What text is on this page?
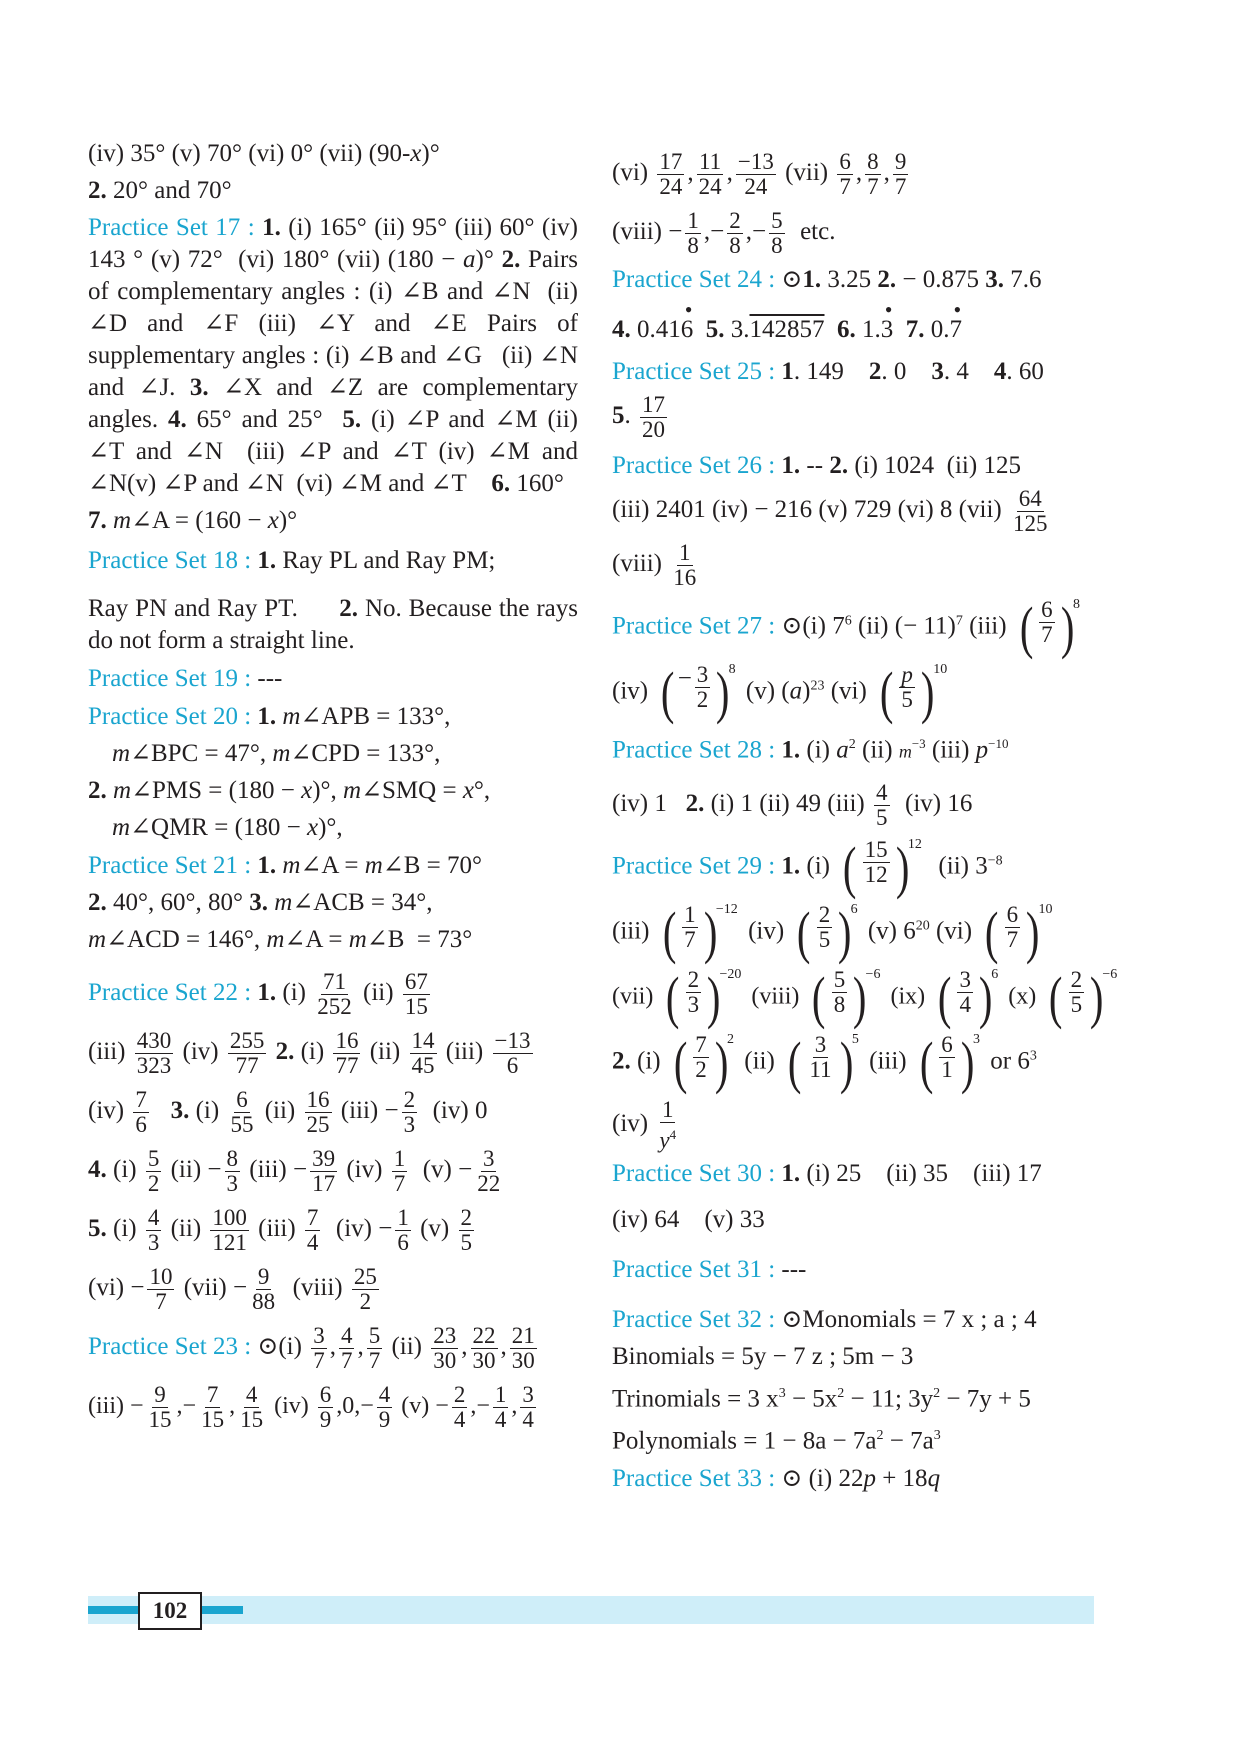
(iv) 35° (v) 70° (vi) 0° (vii) (90-x)°
2. 20° and 70°
Practice Set 17 : 1. (i) 165° (ii) 95° (iii) 60° (iv) 143 ° (v) 72°  (vi) 180° (vii) (180 − a)° 2. Pairs of complementary angles : (i) ∠B and ∠N  (ii) ∠D and ∠F (iii) ∠Y and ∠E Pairs of supplementary angles : (i) ∠B and ∠G   (ii) ∠N and ∠J. 3. ∠X and ∠Z are complementary angles. 4. 65° and 25°  5. (i) ∠P and ∠M (ii) ∠T and ∠N  (iii) ∠P and ∠T (iv) ∠M and ∠N(v) ∠P and ∠N  (vi) ∠M and ∠T    6. 160°
7. m∠A = (160 − x)°
Practice Set 18 : 1. Ray PL and Ray PM;
Ray PN and Ray PT.      2. No. Because the rays do not form a straight line.
Practice Set 19 : ---
Practice Set 20 : 1. m∠APB = 133°,
m∠BPC = 47°, m∠CPD = 133°,
2. m∠PMS = (180 − x)°, m∠SMQ = x°,
m∠QMR = (180 − x)°,
Practice Set 21 : 1. m∠A = m∠B = 70°
2. 40°, 60°, 80° 3. m∠ACB = 34°,
m∠ACD = 146°, m∠A = m∠B  = 73°
Practice Set 22 : 1. $(i) \frac{71}{252} (ii) \frac{67}{15}$
$(iii) \frac{430}{323} (iv) \frac{255}{77} 2$. $(i) \frac{16}{77} (ii) \frac{14}{45} (iii) \frac{-13}{6}$
$(iv) \frac{7}{6} 3$. $(i) \frac{6}{55} (ii) \frac{16}{25} (iii) - \frac{2}{3} (iv)$ 0
4. $(i) \frac{5}{2} (ii) - \frac{8}{3} (iii) - \frac{39}{17} (iv) \frac{1}{7} (v) - \frac{3}{22}$
5. $(i) \frac{4}{3} (ii) \frac{100}{121} (iii) \frac{7}{4} (iv) - \frac{1}{6} (v) \frac{2}{5}$
$(vi) - \frac{10}{7} (vii) - \frac{9}{88}$ (viii) $\frac{25}{2}$
Practice Set 23 : ⊙(i) $\frac{3}{7}$ , $\frac{4}{7}$ , $\frac{5}{7} (ii) \frac{23}{30}$ , $\frac{22}{30}$ , $\frac{21}{30}$
$(iii) - \frac{9}{15}$ ,− $\frac{7}{15}$ , $\frac{4}{15} (iv) \frac{6}{9} ,0,- \frac{4}{9} (v) - \frac{2}{4}$ ,− $\frac{1}{4}$ , $\frac{3}{4}$
$(vi) \frac{17}{24}$ , $\frac{11}{24}$ , $\frac{-13}{24} (vii) \frac{6}{7}$ , $\frac{8}{7}$ , $\frac{9}{7}$
(viii) − $\frac{1}{8}$ ,− $\frac{2}{8}$ ,− $\frac{5}{8}$ etc.
Practice Set 24 : ⊙1. 3.25 2. − 0.875 3. 7.6
4. 0.416
•
5. 3.142857 6. 1.3
•
7. 0.7
•
Practice Set 25 : 1. 149    2. 0    3. 4    4. 60
5. $\frac{17}{20}$
Practice Set 26 : 1. -- 2. (i) 1024  (ii) 125
(iii) 2401 (iv) − 216 (v) 729 (vi) 8 $(vii) \frac{64}{125}$
(viii) $\frac{1}{16}$
Practice Set 27 : ⊙(i) $7^6$ (ii) (− 11)$^7$ (iii) ( $\frac{6}{7}$ )
8
(iv) ( − $\frac{3}{2}$ )
8
(v) $(a)^{23}$ (vi) ( $\frac{p}{5}$ )
10
Practice Set 28 : 1. (i) $a^2$ (ii) $m^{-3}$ (iii) $p^{-10}$
(iv) 1   2. (i) 1 (ii) 49 $(iii) \frac{4}{5} (iv)$ 16
Practice Set 29 : 1. (i) ( $\frac{15}{12}$ )
12
(ii) $3^{-8}$
(iii) ( $\frac{1}{7}$ )
−12
(iv) ( $\frac{2}{5}$ )
6
(v) $6^{20}$ (vi) ( $\frac{6}{7}$ )
10
(vii) ( $\frac{2}{3}$ )
−20
(viii) ( $\frac{5}{8}$ )
−6
(ix) ( $\frac{3}{4}$ )
6
(x) ( $\frac{2}{5}$ )
−6
2. (i) ( $\frac{7}{2}$ )
2
(ii) ( $\frac{3}{11}$ )
5
(iii) ( $\frac{6}{1}$ )
3
or $6^3$
$(iv) \frac{1}{y^4}$
Practice Set 30 : 1. (i) 25    (ii) 35    (iii) 17
(iv) 64    (v) 33
Practice Set 31 : ---
Practice Set 32 : ⊙Monomials = 7 x ; a ; 4
Binomials = 5y − 7 z ; 5m − 3
Trinomials = 3 $x^3 - 5x^2 - 11$; $3y^2 - 7y + 5$
Polynomials = $1 - 8a - 7a^2 - 7a^3$
Practice Set 33 : ⊙ (i) 22p + 18q
102
